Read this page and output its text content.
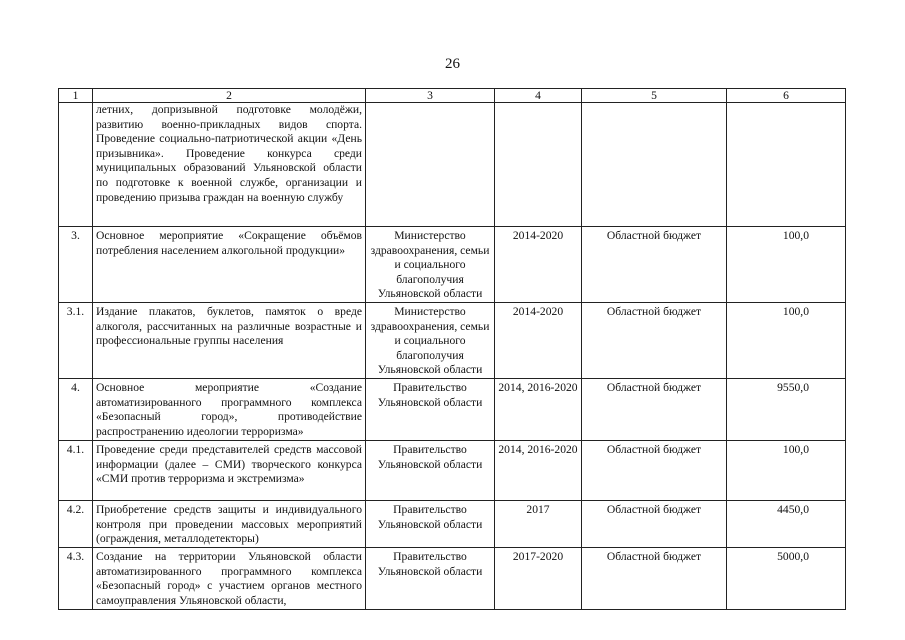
26
1	2	3	4	5	6
	летних, допризывной подготовке молодёжи, развитию военно-прикладных видов спорта. Проведение социально-патриотической акции «День призывника». Проведение конкурса среди муниципальных образований Ульяновской области по подготовке к военной службе, организации и проведению призыва граждан на военную службу				
3.	Основное мероприятие «Сокращение объёмов потребления населением алкогольной продукции»	Министерство здравоохранения, семьи и социального благополучия Ульяновской области	2014-2020	Областной бюджет	100,0
3.1.	Издание плакатов, буклетов, памяток о вреде алкоголя, рассчитанных на различные возрастные и профессиональные группы населения	Министерство здравоохранения, семьи и социального благополучия Ульяновской области	2014-2020	Областной бюджет	100,0
4.	Основное мероприятие «Создание автоматизированного программного комплекса «Безопасный город», противодействие распространению идеологии терроризма»	Правительство Ульяновской области	2014, 2016-2020	Областной бюджет	9550,0
4.1.	Проведение среди представителей средств массовой информации (далее – СМИ) творческого конкурса «СМИ против терроризма и экстремизма»	Правительство Ульяновской области	2014, 2016-2020	Областной бюджет	100,0
4.2.	Приобретение средств защиты и индивидуального контроля при проведении массовых мероприятий (ограждения, металлодетекторы)	Правительство Ульяновской области	2017	Областной бюджет	4450,0
4.3.	Создание на территории Ульяновской области автоматизированного программного комплекса «Безопасный город» с участием органов местного самоуправления Ульяновской области,	Правительство Ульяновской области	2017-2020	Областной бюджет	5000,0
